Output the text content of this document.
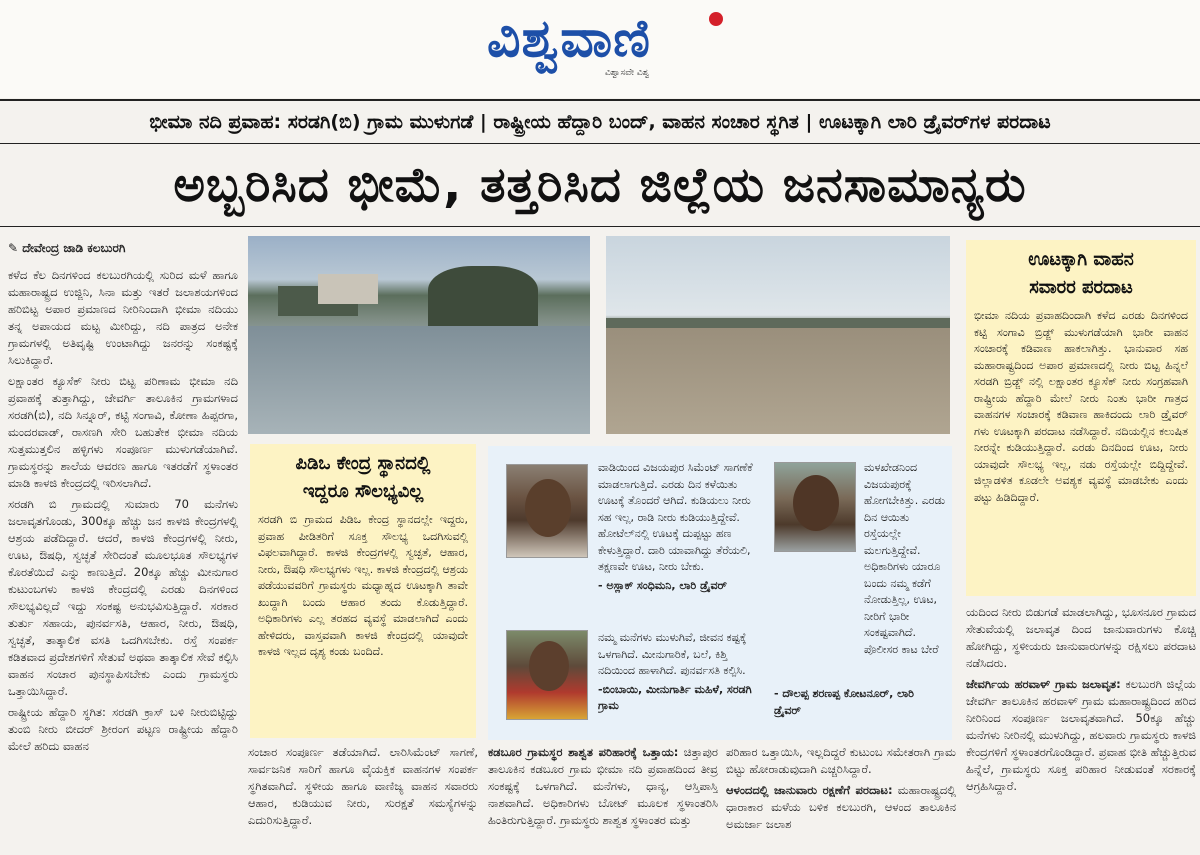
ವಿಶ್ವವಾಣಿ
ವಿಶ್ವಾಸವೇ ವಿಶ್ವ
ಭೀಮಾ ನದಿ ಪ್ರವಾಹ: ಸರಡಗಿ(ಬಿ) ಗ್ರಾಮ ಮುಳುಗಡೆ | ರಾಷ್ಟ್ರೀಯ ಹೆದ್ದಾರಿ ಬಂದ್, ವಾಹನ ಸಂಚಾರ ಸ್ಥಗಿತ | ಊಟಕ್ಕಾಗಿ ಲಾರಿ ಡ್ರೈವರ್‌ಗಳ ಪರದಾಟ
ಅಬ್ಬರಿಸಿದ ಭೀಮೆ, ತತ್ತರಿಸಿದ ಜಿಲ್ಲೆಯ ಜನಸಾಮಾನ್ಯರು
✎ ದೇವೇಂದ್ರ ಜಾಡಿ ಕಲಬುರಗಿ

ಕಳೆದ ಕೆಲ ದಿನಗಳಿಂದ ಕಲಬುರಗಿಯಲ್ಲಿ ಸುರಿದ ಮಳೆ ಹಾಗೂ ಮಹಾರಾಷ್ಟ್ರದ ಉಜ್ಜಿನಿ, ಸಿನಾ ಮತ್ತು ಇತರೆ ಜಲಾಶಯಗಳಿಂದ ಹರಿಬಿಟ್ಟ ಅಪಾರ ಪ್ರಮಾಣದ ನೀರಿನಿಂದಾಗಿ ಭೀಮಾ ನದಿಯು ತನ್ನ ಅಪಾಯದ ಮಟ್ಟ ಮೀರಿದ್ದು, ನದಿ ಪಾತ್ರದ ಅನೇಕ ಗ್ರಾಮಗಳಲ್ಲಿ ಅತಿವೃಷ್ಟಿ ಉಂಟಾಗಿದ್ದು ಜನರನ್ನು ಸಂಕಷ್ಟಕ್ಕೆ ಸಿಲುಕಿದ್ದಾರೆ.

ಲಕ್ಷಾಂತರ ಕ್ಯೂಸೆಕ್ ನೀರು ಬಿಟ್ಟ ಪರಿಣಾಮ ಭೀಮಾ ನದಿ ಪ್ರವಾಹಕ್ಕೆ ತುತ್ತಾಗಿದ್ದು, ಜೇವರ್ಗಿ ತಾಲೂಕಿನ ಗ್ರಾಮಗಳಾದ ಸರಡಗಿ(ಬಿ), ನದಿ ಸಿನ್ನೂರ್, ಕಟ್ಟಿ ಸಂಗಾವಿ, ಕೋಣಾ ಹಿಪ್ಪರಗಾ, ಮಂದರವಾಡ್, ರಾಸಣಗಿ ಸೇರಿ ಬಹುತೇಕ ಭೀಮಾ ನದಿಯ ಸುತ್ತಮುತ್ತಲಿನ ಹಳ್ಳಿಗಳು ಸಂಪೂರ್ಣ ಮುಳುಗಡೆಯಾಗಿವೆ. ಗ್ರಾಮಸ್ಥರನ್ನು ಶಾಲೆಯ ಆವರಣ ಹಾಗೂ ಇತರಡೆಗೆ ಸ್ಥಳಾಂತರ ಮಾಡಿ ಕಾಳಜಿ ಕೇಂದ್ರದಲ್ಲಿ ಇರಿಸಲಾಗಿದೆ.

ಸರಡಗಿ ಬಿ ಗ್ರಾಮದಲ್ಲಿ ಸುಮಾರು 70 ಮನೆಗಳು ಜಲಾವೃತಗೊಂಡು, 300ಕ್ಕೂ ಹೆಚ್ಚು ಜನ ಕಾಳಜಿ ಕೇಂದ್ರಗಳಲ್ಲಿ ಆಶ್ರಯ ಪಡೆದಿದ್ದಾರೆ. ಆದರೆ, ಕಾಳಜಿ ಕೇಂದ್ರಗಳಲ್ಲಿ ನೀರು, ಊಟ, ಔಷಧಿ, ಸ್ವಚ್ಛತೆ ಸೇರಿದಂತೆ ಮೂಲಭೂತ ಸೌಲಭ್ಯಗಳ ಕೊರತೆಯಿದೆ ಎನ್ನು ಕಾಣುತ್ತಿದೆ. 20ಕ್ಕೂ ಹೆಚ್ಚು ಮೀನುಗಾರ ಕುಟುಂಬಗಳು ಕಾಳಜಿ ಕೇಂದ್ರದಲ್ಲಿ ಎರಡು ದಿನಗಳಿಂದ ಸೌಲಭ್ಯವಿಲ್ಲದೆ ಇದ್ದು ಸಂಕಷ್ಟ ಅನುಭವಿಸುತ್ತಿದ್ದಾರೆ. ಸರಕಾರ ತುರ್ತು ಸಹಾಯ, ಪುನರ್ವಸತಿ, ಆಹಾರ, ನೀರು, ಔಷಧಿ, ಸ್ವಚ್ಛತೆ, ತಾತ್ಕಾಲಿಕ ವಸತಿ ಒದಗಿಸಬೇಕು. ರಸ್ತೆ ಸಂಪರ್ಕ ಕಡಿತವಾದ ಪ್ರದೇಶಗಳಿಗೆ ಸೇತುವೆ ಅಥವಾ ತಾತ್ಕಾಲಿಕ ಸೇವೆ ಕಲ್ಪಿಸಿ ವಾಹನ ಸಂಚಾರ ಪುನಸ್ಥಾಪಿಸಬೇಕು ಎಂದು ಗ್ರಾಮಸ್ಥರು ಒತ್ತಾಯಿಸಿದ್ದಾರೆ.

ರಾಷ್ಟ್ರೀಯ ಹೆದ್ದಾರಿ ಸ್ಥಗಿತ: ಸರಡಗಿ ಕ್ರಾಸ್ ಬಳಿ ನೀರುಬಿಟ್ಟಿದ್ದು ತುಂಬಿ ನೀರು ಬೀದರ್ ಶ್ರೀರಂಗ ಪಟ್ಟಣ ರಾಷ್ಟ್ರೀಯ ಹೆದ್ದಾರಿ ಮೇಲೆ ಹರಿದು ವಾಹನ

ಪಿಡಿಒ ಕೇಂದ್ರ ಸ್ಥಾನದಲ್ಲಿ
ಇದ್ದರೂ ಸೌಲಭ್ಯವಿಲ್ಲ
ಸರಡಗಿ ಬಿ ಗ್ರಾಮದ ಪಿಡಿಒ ಕೇಂದ್ರ ಸ್ಥಾನದಲ್ಲೇ ಇದ್ದರು, ಪ್ರವಾಹ ಪೀಡಿತರಿಗೆ ಸೂಕ್ತ ಸೌಲಭ್ಯ ಒದಗಿಸುವಲ್ಲಿ ವಿಫಲವಾಗಿದ್ದಾರೆ. ಕಾಳಜಿ ಕೇಂದ್ರಗಳಲ್ಲಿ ಸ್ವಚ್ಛತೆ, ಆಹಾರ, ನೀರು, ಔಷಧಿ ಸೌಲಭ್ಯಗಳು ಇಲ್ಲ. ಕಾಳಜಿ ಕೇಂದ್ರದಲ್ಲಿ ಆಶ್ರಯ ಪಡೆಯುವವರಿಗೆ ಗ್ರಾಮಸ್ಥರು ಮಧ್ಯಾಹ್ನದ ಊಟಕ್ಕಾಗಿ ತಾವೇ ಖುದ್ದಾಗಿ ಬಂದು ಆಹಾರ ತಂದು ಕೊಡುತ್ತಿದ್ದಾರೆ. ಅಧಿಕಾರಿಗಳು ಎಲ್ಲ ತರಹದ ವ್ಯವಸ್ಥೆ ಮಾಡಲಾಗಿದೆ ಎಂದು ಹೇಳಿದರು, ವಾಸ್ತವವಾಗಿ ಕಾಳಜಿ ಕೇಂದ್ರದಲ್ಲಿ ಯಾವುದೇ ಕಾಳಜಿ ಇಲ್ಲದ ದೃಶ್ಯ ಕಂಡು ಬಂದಿದೆ.
ವಾಡಿಯಿಂದ ವಿಜಯಪುರ ಸಿಮೆಂಟ್ ಸಾಗಣೆಕೆ ಮಾಡಲಾಗುತ್ತಿದೆ. ಎರಡು ದಿನ ಕಳೆಯಿತು ಊಟಕ್ಕೆ ತೊಂದರೆ ಆಗಿದೆ. ಕುಡಿಯಲು ನೀರು ಸಹ ಇಲ್ಲ, ರಾಡಿ ನೀರು ಕುಡಿಯುತ್ತಿದ್ದೇವೆ. ಹೋಟೆಲ್‌ನಲ್ಲಿ ಊಟಕ್ಕೆ ದುಪ್ಪಟ್ಟು ಹಣ ಕೇಳುತ್ತಿದ್ದಾರೆ. ದಾರಿ ಯಾವಾಗಿದ್ದು ತೆರೆಯಲಿ, ತಕ್ಷಣವೇ ಊಟ, ನೀರು ಬೇಕು.
- ಅಸ್ಲಾಕ್ ಸಂಧಿಮನಿ, ಲಾರಿ ಡ್ರೈವರ್
ಮಳಖೇಡನಿಂದ ವಿಜಯಪುರಕ್ಕೆ ಹೋಗಬೇಕಿತ್ತು. ಎರಡು ದಿನ ಆಯಿತು ರಸ್ತೆಯಲ್ಲೇ ಮಲಗುತ್ತಿದ್ದೇವೆ. ಅಧಿಕಾರಿಗಳು ಯಾರೂ ಬಂದು ನಮ್ಮ ಕಡೆಗೆ ನೋಡುತ್ತಿಲ್ಲ, ಊಟ, ನೀರಿಗೆ ಭಾರೀ ಸಂಕಷ್ಟವಾಗಿದೆ. ಪೊಲೀಸರ ಕಾಟ ಬೇರೆ
- ದೌಲಪ್ಪ ಶರಣಪ್ಪ ಕೋಟನೂರ್, ಲಾರಿ ಡ್ರೈವರ್
ನಮ್ಮ ಮನೆಗಳು ಮುಳುಗಿವೆ, ಜೀವನ ಕಷ್ಟಕ್ಕೆ ಒಳಗಾಗಿದೆ. ಮೀನುಗಾರಿಕೆ, ಬಲೆ, ಕಿಶ್ತಿ ನದಿಯಿಂದ ಹಾಳಾಗಿದೆ. ಪುನರ್ವಸತಿ ಕಲ್ಪಿಸಿ.
-ಬಿಂಬಾಯಿ, ಮೀನುಗಾರ್ತಿ ಮಹಿಳೆ, ಸರಡಗಿ ಗ್ರಾಮ
ಊಟಕ್ಕಾಗಿ ವಾಹನ
ಸವಾರರ ಪರದಾಟ
ಭೀಮಾ ನದಿಯ ಪ್ರವಾಹದಿಂದಾಗಿ ಕಳೆದ ಎರಡು ದಿನಗಳಿಂದ ಕಟ್ಟಿ ಸಂಗಾವಿ ಬ್ರಿಡ್ಜ್ ಮುಳುಗಡೆಯಾಗಿ ಭಾರೀ ವಾಹನ ಸಂಚಾರಕ್ಕೆ ಕಡಿವಾಣ ಹಾಕಲಾಗಿತ್ತು. ಭಾನುವಾರ ಸಹ ಮಹಾರಾಷ್ಟ್ರದಿಂದ ಅಪಾರ ಪ್ರಮಾಣದಲ್ಲಿ ನೀರು ಬಿಟ್ಟ ಹಿನ್ನಲೆ ಸರಡಗಿ ಬ್ರಿಡ್ಜ್ ನಲ್ಲಿ ಲಕ್ಷಾಂತರ ಕ್ಯೂಸೆಕ್ ನೀರು ಸಂಗ್ರಹವಾಗಿ ರಾಷ್ಟ್ರೀಯ ಹೆದ್ದಾರಿ ಮೇಲೆ ನೀರು ನಿಂತು ಭಾರೀ ಗಾತ್ರದ ವಾಹನಗಳ ಸಂಚಾರಕ್ಕೆ ಕಡಿವಾಣ ಹಾಕಿದಂದು ಲಾರಿ ಡ್ರೈವರ್ ಗಳು ಊಟಕ್ಕಾಗಿ ಪರದಾಟ ನಡೆಸಿದ್ದಾರೆ. ನದಿಯಲ್ಲಿನ ಕಲುಷಿತ ನೀರನ್ನೇ ಕುಡಿಯುತ್ತಿದ್ದಾರೆ. ಎರಡು ದಿನದಿಂದ ಊಟ, ನೀರು ಯಾವುದೇ ಸೌಲಭ್ಯ ಇಲ್ಲ, ನಡು ರಸ್ತೆಯಲ್ಲೇ ಬಿದ್ದಿದ್ದೇವೆ. ಜಿಲ್ಲಾಡಳಿತ ಕೂಡಲೇ ಅವಶ್ಯಕ ವ್ಯವಸ್ಥೆ ಮಾಡಬೇಕು ಎಂದು ಪಟ್ಟು ಹಿಡಿದಿದ್ದಾರೆ.

ಯದಿಂದ ನೀರು ಬಿಡುಗಡೆ ಮಾಡಲಾಗಿದ್ದು, ಭೂಸನೂರ ಗ್ರಾಮದ ಸೇತುವೆಯಲ್ಲಿ ಜಲಾವೃತ ದಿಂದ ಜಾನುವಾರುಗಳು ಕೊಚ್ಚಿ ಹೋಗಿದ್ದು, ಸ್ಥಳೀಯರು ಜಾನುವಾರುಗಳನ್ನು ರಕ್ಷಿಸಲು ಪರದಾಟ ನಡೆಸಿದರು.

ಜೇವರ್ಗಿಯ ಹರವಾಳ್ ಗ್ರಾಮ ಜಲಾವೃತ: ಕಲಬುರಗಿ ಜಿಲ್ಲೆಯ ಜೇವರ್ಗಿ ತಾಲೂಕಿನ ಹರವಾಳ್ ಗ್ರಾಮ ಮಹಾರಾಷ್ಟ್ರದಿಂದ ಹರಿದ ನೀರಿನಿಂದ ಸಂಪೂರ್ಣ ಜಲಾವೃತವಾಗಿದೆ. 50ಕ್ಕೂ ಹೆಚ್ಚು ಮನೆಗಳು ನೀರಿನಲ್ಲಿ ಮುಳುಗಿದ್ದು, ಹಲವಾರು ಗ್ರಾಮಸ್ಥರು ಕಾಳಜಿ ಕೇಂದ್ರಗಳಿಗೆ ಸ್ಥಳಾಂತರಗೊಂಡಿದ್ದಾರೆ. ಪ್ರವಾಹ ಭೀತಿ ಹೆಚ್ಚುತ್ತಿರುವ ಹಿನ್ನೆಲೆ, ಗ್ರಾಮಸ್ಥರು ಸೂಕ್ತ ಪರಿಹಾರ ನೀಡುವಂತೆ ಸರಕಾರಕ್ಕೆ ಆಗ್ರಹಿಸಿದ್ದಾರೆ.

ಸಂಚಾರ ಸಂಪೂರ್ಣ ತಡೆಯಾಗಿದೆ. ಲಾರಿಸಿಮೆಂಟ್ ಸಾಗಣೆ, ಸಾರ್ವಜನಿಕ ಸಾರಿಗೆ ಹಾಗೂ ವೈಯಕ್ತಿಕ ವಾಹನಗಳ ಸಂಪರ್ಕ ಸ್ಥಗಿತವಾಗಿದೆ. ಸ್ಥಳೀಯ ಹಾಗೂ ವಾಣಿಜ್ಯ ವಾಹನ ಸವಾರರು ಆಹಾರ, ಕುಡಿಯುವ ನೀರು, ಸುರಕ್ಷತೆ ಸಮಸ್ಯೆಗಳನ್ನು ಎದುರಿಸುತ್ತಿದ್ದಾರೆ.

ಕಡಬೂರ ಗ್ರಾಮಸ್ಥರ ಶಾಶ್ವತ ಪರಿಹಾರಕ್ಕೆ ಒತ್ತಾಯ: ಚಿತ್ತಾಪುರ ತಾಲೂಕಿನ ಕಡಬೂರ ಗ್ರಾಮ ಭೀಮಾ ನದಿ ಪ್ರವಾಹದಿಂದ ತೀವ್ರ ಸಂಕಷ್ಟಕ್ಕೆ ಒಳಗಾಗಿದೆ. ಮನೆಗಳು, ಧಾನ್ಯ, ಆಸ್ತಿಪಾಸ್ತಿ ನಾಶವಾಗಿದೆ. ಅಧಿಕಾರಿಗಳು ಬೋಟ್ ಮೂಲಕ ಸ್ಥಳಾಂತರಿಸಿ ಹಿಂತಿರುಗುತ್ತಿದ್ದಾರೆ. ಗ್ರಾಮಸ್ಥರು ಶಾಶ್ವತ ಸ್ಥಳಾಂತರ ಮತ್ತು

ಪರಿಹಾರ ಒತ್ತಾಯಿಸಿ, ಇಲ್ಲದಿದ್ದರೆ ಕುಟುಂಬ ಸಮೇತರಾಗಿ ಗ್ರಾಮ ಬಿಟ್ಟು ಹೋರಾಡುವುದಾಗಿ ಎಚ್ಚರಿಸಿದ್ದಾರೆ.

ಆಳಂದದಲ್ಲಿ ಜಾನುವಾರು ರಕ್ಷಣೆಗೆ ಪರದಾಟ: ಮಹಾರಾಷ್ಟ್ರದಲ್ಲಿ ಧಾರಾಕಾರ ಮಳೆಯ ಬಳಿಕ ಕಲಬುರಗಿ, ಆಳಂದ ತಾಲೂಕಿನ ಅಮರ್ಜಾ ಜಲಾಶ
